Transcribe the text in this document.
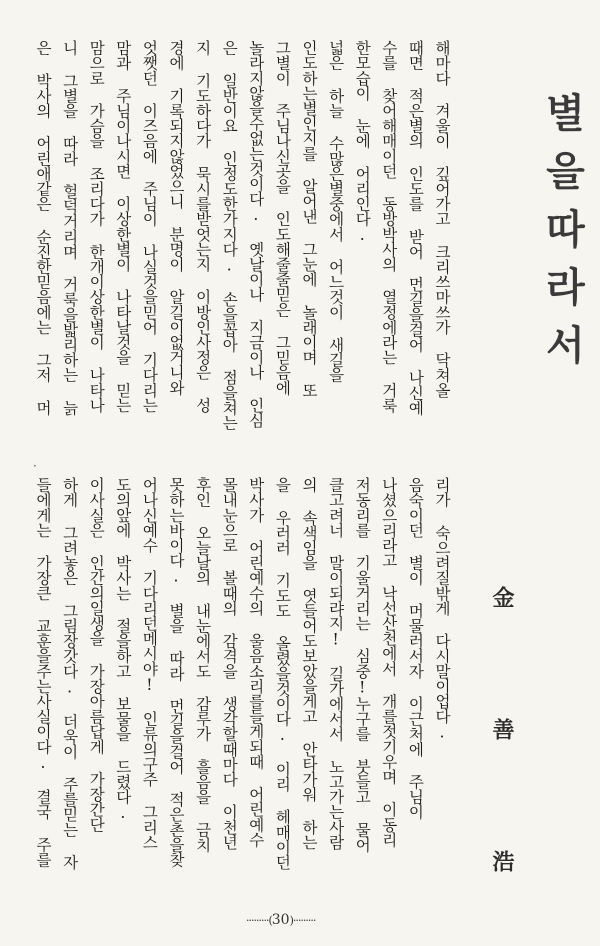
별을따라서
金 善 浩
해마다 겨울이 깊어가고 크리쓰마쓰가 닥쳐올
때면 적은별의 인도를 받어 먼길을걸어 나신예
수를 찾어해매이던 동방박사의 열정에라는 거룩
한모습이 눈에 어리인다.
넓은 하늘 수많은별중에서 어느것이 새길을
인도하는별인지를 알어낸 그눈에 놀래이며 또
그별이 주님나신곳을 인도해줄줄믿은 그믿음에
놀라지않을수없는것이다. 옛날이나 지금이나 인심
은 일반이요 인정도한가지다. 손을꼽아 점을쳐는
지 기도하다가 묵시를받엇는지 이방인사정은 성
경에 기록되지않었으니 분명이 알길이없거니와
엇쨋던 이즈음에 주님이 나실것을믿어 기다리는
맘과 주님이나시면 이상한별이 나타날것을 믿는
맘으로 가슴을 조리다가 한개이상한별이 나타나
니 그별을 따라 헐덕거리며 거룩을밟리하는 늙
은 박사의 어린애같은 순진한믿음에는 그저 머
리가 숙으려질밖게 다시말이업다.
음숙이던 별이 머물러서자 이근처에 주님이
나셨으리라고 낙선산천에서 개를젓기우며 이동리
저동리를 기울거리는 심중!누구를 붓들고 물어
클고려너 말이되랴지! 길가에서서 노고가는사람
의 속색임을 엿들어도보았을게고 안타가워 하는
을 우러러 기도도 올렸을것이다. 이리 헤매이던
박사가 어린예수의 울음소리를들게되때 어린예수
몰내눈으로 볼때의 감격을 생각할때마다 이천년
후인 오늘날의 내눈에서도 감루가 흘음을 금치
못하는바이다. 별을 따라 먼길을걸어 적은촌을찾
어나신예수 기다리던메시야! 인류의구주 그리스
도의앞에 박사는 절을하고 보물을 드렸다.
이사실은 인간의일생을 가장아름답게 가장간단
하게 그려놓은 그림장갓다. 더욱이 주를믿는 자
들에게는 가장큰 교훈을주는사실이다. 결국 주를
·
·········(30)·········
